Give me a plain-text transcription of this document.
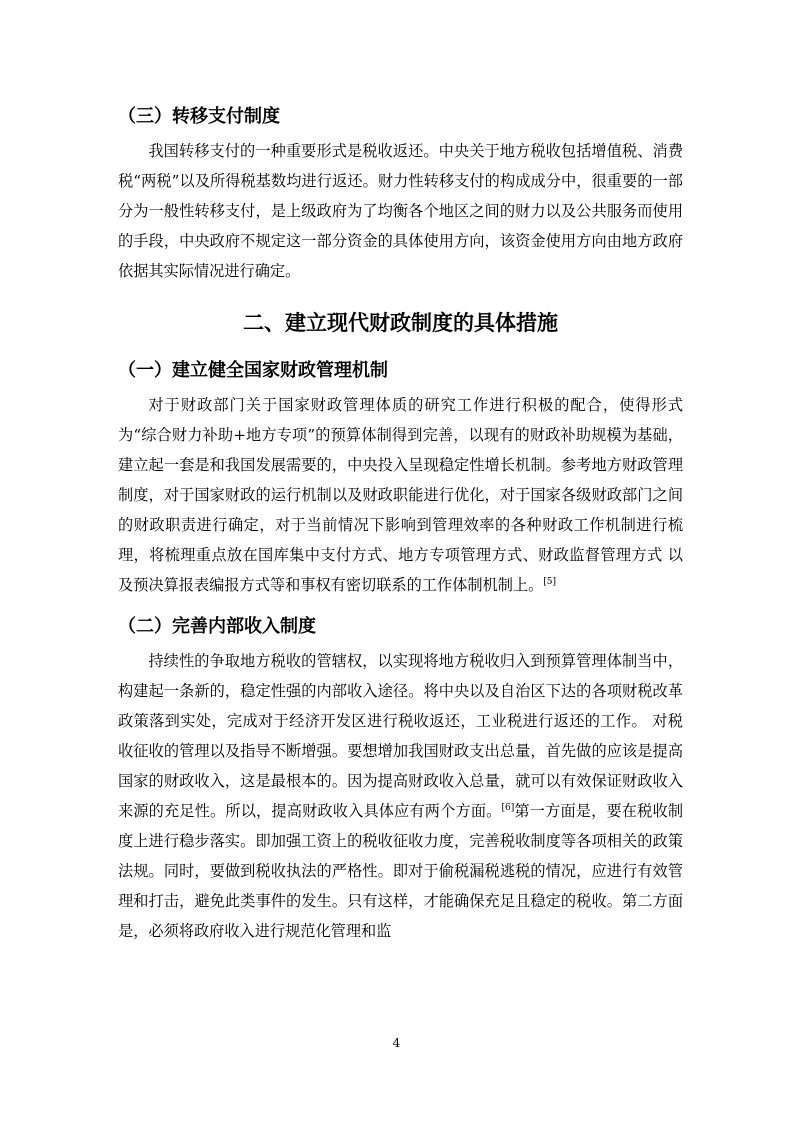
（三）转移支付制度

我国转移支付的一种重要形式是税收返还。中央关于地方税收包括增值税、消费税“两税”以及所得税基数均进行返还。财力性转移支付的构成成分中，很重要的一部分为一般性转移支付，是上级政府为了均衡各个地区之间的财力以及公共服务而使用的手段，中央政府不规定这一部分资金的具体使用方向，该资金使用方向由地方政府依据其实际情况进行确定。

二、建立现代财政制度的具体措施
（一）建立健全国家财政管理机制

对于财政部门关于国家财政管理体质的研究工作进行积极的配合，使得形式为“综合财力补助+地方专项”的预算体制得到完善，以现有的财政补助规模为基础，建立起一套是和我国发展需要的，中央投入呈现稳定性增长机制。参考地方财政管理制度，对于国家财政的运行机制以及财政职能进行优化，对于国家各级财政部门之间的财政职责进行确定，对于当前情况下影响到管理效率的各种财政工作机制进行梳理，将梳理重点放在国库集中支付方式、地方专项管理方式、财政监督管理方式 以及预决算报表编报方式等和事权有密切联系的工作体制机制上。[5]

（二）完善内部收入制度

持续性的争取地方税收的管辖权，以实现将地方税收归入到预算管理体制当中，构建起一条新的，稳定性强的内部收入途径。将中央以及自治区下达的各项财税改革政策落到实处，完成对于经济开发区进行税收返还，工业税进行返还的工作。 对税收征收的管理以及指导不断增强。要想增加我国财政支出总量，首先做的应该是提高国家的财政收入，这是最根本的。因为提高财政收入总量，就可以有效保证财政收入来源的充足性。所以，提高财政收入具体应有两个方面。[6]第一方面是，要在税收制度上进行稳步落实。即加强工资上的税收征收力度，完善税收制度等各项相关的政策法规。同时，要做到税收执法的严格性。即对于偷税漏税逃税的情况，应进行有效管理和打击，避免此类事件的发生。只有这样，才能确保充足且稳定的税收。第二方面是，必须将政府收入进行规范化管理和监

4
